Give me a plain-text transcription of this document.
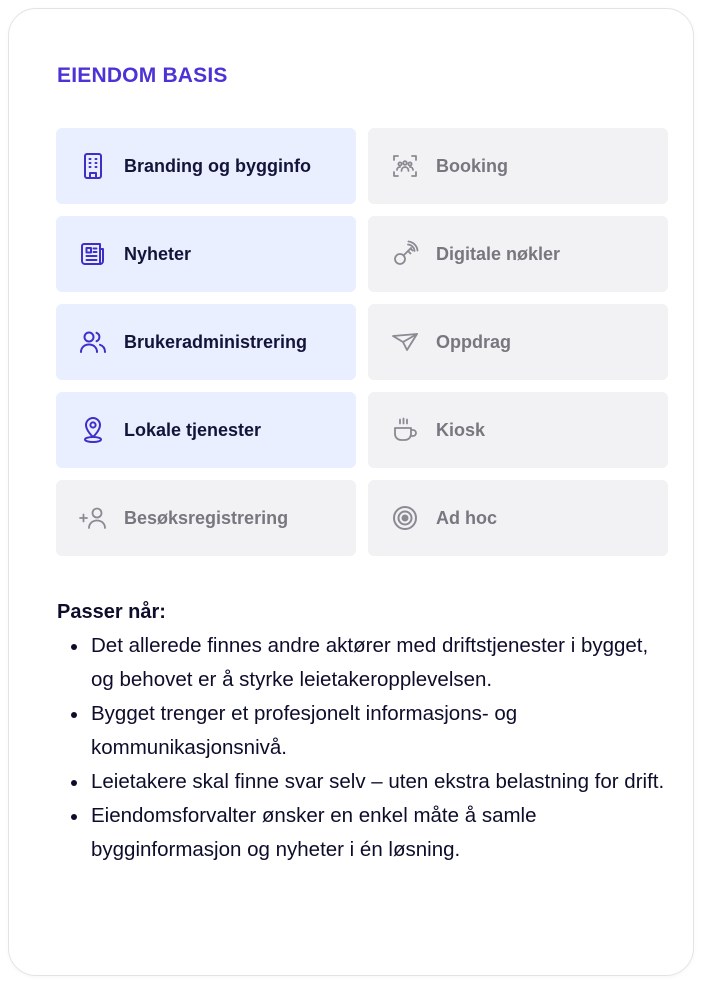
EIENDOM BASIS
Branding og bygginfo	Booking
Nyheter	Digitale nøkler
Brukeradministrering	Oppdrag
Lokale tjenester	Kiosk
Besøksregistrering	Ad hoc
Passer når:
Det allerede finnes andre aktører med driftstjenester i bygget, og behovet er å styrke leietakeropplevelsen.
Bygget trenger et profesjonelt informasjons- og kommunikasjonsnivå.
Leietakere skal finne svar selv – uten ekstra belastning for drift.
Eiendomsforvalter ønsker en enkel måte å samle bygginformasjon og nyheter i én løsning.
